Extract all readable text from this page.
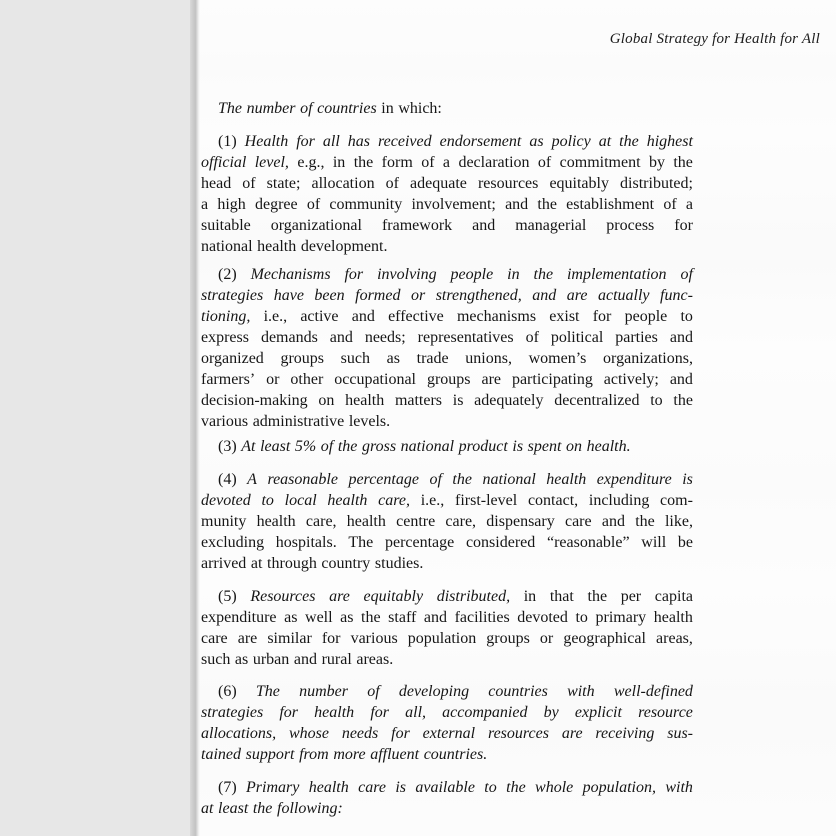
Global Strategy for Health for All
The number of countries in which:
(1) Health for all has received endorsement as policy at the highest
official level, e.g., in the form of a declaration of commitment by the
head of state; allocation of adequate resources equitably distributed;
a high degree of community involvement; and the establishment of a
suitable organizational framework and managerial process for
national health development.
(2) Mechanisms for involving people in the implementation of
strategies have been formed or strengthened, and are actually func-
tioning, i.e., active and effective mechanisms exist for people to
express demands and needs; representatives of political parties and
organized groups such as trade unions, women’s organizations,
farmers’ or other occupational groups are participating actively; and
decision-making on health matters is adequately decentralized to the
various administrative levels.
(3) At least 5% of the gross national product is spent on health.
(4) A reasonable percentage of the national health expenditure is
devoted to local health care, i.e., first-level contact, including com-
munity health care, health centre care, dispensary care and the like,
excluding hospitals. The percentage considered “reasonable” will be
arrived at through country studies.
(5) Resources are equitably distributed, in that the per capita
expenditure as well as the staff and facilities devoted to primary health
care are similar for various population groups or geographical areas,
such as urban and rural areas.
(6) The number of developing countries with well-defined
strategies for health for all, accompanied by explicit resource
allocations, whose needs for external resources are receiving sus-
tained support from more affluent countries.
(7) Primary health care is available to the whole population, with
at least the following:
